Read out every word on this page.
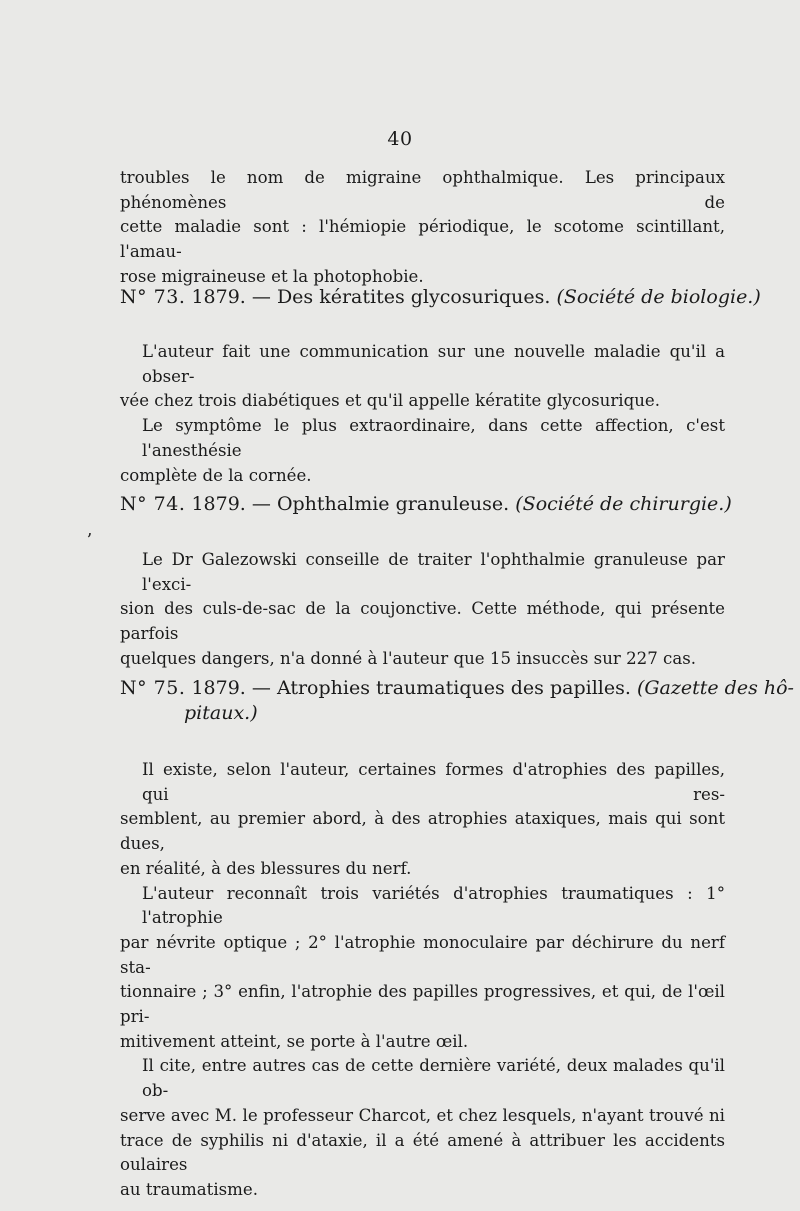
40
troubles le nom de migraine ophthalmique. Les principaux phénomènes de
cette maladie sont : l'hémiopie périodique, le scotome scintillant, l'amau-
rose migraineuse et la photophobie.
N° 73. 1879. — Des kératites glycosuriques. (Société de biologie.)
L'auteur fait une communication sur une nouvelle maladie qu'il a obser-
vée chez trois diabétiques et qu'il appelle kératite glycosurique.
Le symptôme le plus extraordinaire, dans cette affection, c'est l'anesthésie
complète de la cornée.
N° 74. 1879. — Ophthalmie granuleuse. (Société de chirurgie.)
ʼ
Le Dr Galezowski conseille de traiter l'ophthalmie granuleuse par l'exci-
sion des culs-de-sac de la coujonctive. Cette méthode, qui présente parfois
quelques dangers, n'a donné à l'auteur que 15 insuccès sur 227 cas.
N° 75. 1879. — Atrophies traumatiques des papilles. (Gazette des hô-
pitaux.)
Il existe, selon l'auteur, certaines formes d'atrophies des papilles, qui res-
semblent, au premier abord, à des atrophies ataxiques, mais qui sont dues,
en réalité, à des blessures du nerf.
L'auteur reconnaît trois variétés d'atrophies traumatiques : 1° l'atrophie
par névrite optique ; 2° l'atrophie monoculaire par déchirure du nerf sta-
tionnaire ; 3° enfin, l'atrophie des papilles progressives, et qui, de l'œil pri-
mitivement atteint, se porte à l'autre œil.
Il cite, entre autres cas de cette dernière variété, deux malades qu'il ob-
serve avec M. le professeur Charcot, et chez lesquels, n'ayant trouvé ni
trace de syphilis ni d'ataxie, il a été amené à attribuer les accidents oulaires
au traumatisme.
